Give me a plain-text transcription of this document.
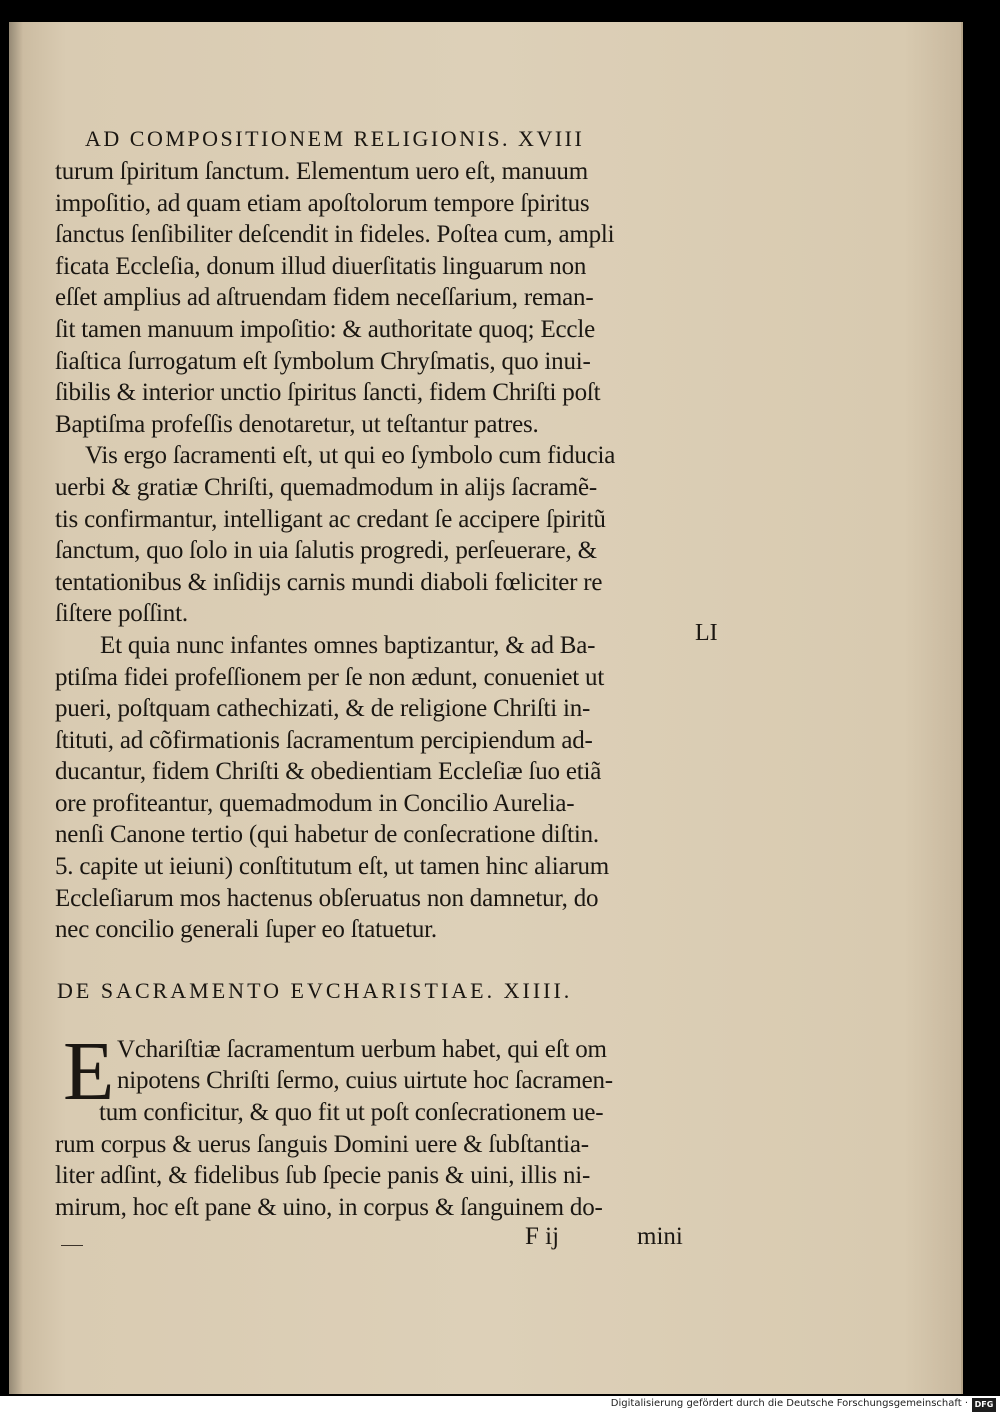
AD COMPOSITIONEM RELIGIONIS. XVIII
turum ſpiritum ſanctum. Elementum uero eſt, manuum
impoſitio, ad quam etiam apoſtolorum tempore ſpiritus
ſanctus ſenſibiliter deſcendit in fideles. Poſtea cum, ampli
ficata Eccleſia, donum illud diuerſitatis linguarum non
eſſet amplius ad aſtruendam fidem neceſſarium, reman-
ſit tamen manuum impoſitio: & authoritate quoq; Eccle
ſiaſtica ſurrogatum eſt ſymbolum Chryſmatis, quo inui-
ſibilis & interior unctio ſpiritus ſancti, fidem Chriſti poſt
Baptiſma profeſſis denotaretur, ut teſtantur patres.
Vis ergo ſacramenti eſt, ut qui eo ſymbolo cum fiducia
uerbi & gratiæ Chriſti, quemadmodum in alijs ſacramẽ-
tis confirmantur, intelligant ac credant ſe accipere ſpiritũ
ſanctum, quo ſolo in uia ſalutis progredi, perſeuerare, &
tentationibus & inſidijs carnis mundi diaboli fœliciter re
ſiſtere poſſint.
Et quia nunc infantes omnes baptizantur, & ad Ba-
ptiſma fidei profeſſionem per ſe non ædunt, conueniet ut
pueri, poſtquam cathechizati, & de religione Chriſti in-
ſtituti, ad cõfirmationis ſacramentum percipiendum ad-
ducantur, fidem Chriſti & obedientiam Eccleſiæ ſuo etiã
ore profiteantur, quemadmodum in Concilio Aurelia-
nenſi Canone tertio (qui habetur de conſecratione diſtin.
5. capite ut ieiuni) conſtitutum eſt, ut tamen hinc aliarum
Eccleſiarum mos hactenus obſeruatus non damnetur, do
nec concilio generali ſuper eo ſtatuetur.
DE SACRAMENTO EVCHARISTIAE. XIIII.
E Vchariſtiæ ſacramentum uerbum habet, qui eſt om
nipotens Chriſti ſermo, cuius uirtute hoc ſacramen-
tum conficitur, & quo fit ut poſt conſecrationem ue-
rum corpus & uerus ſanguis Domini uere & ſubſtantia-
liter adſint, & fidelibus ſub ſpecie panis & uini, illis ni-
mirum, hoc eſt pane & uino, in corpus & ſanguinem do-
F ij	mini
LI
Digitalisierung gefördert durch die Deutsche Forschungsgemeinschaft · DFG
